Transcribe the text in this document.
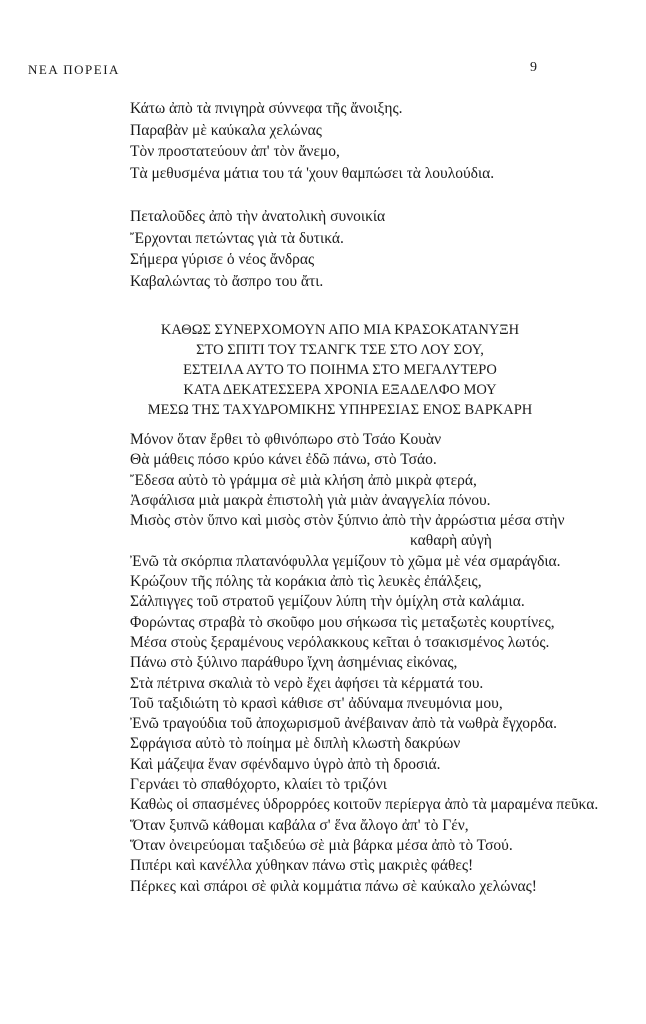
ΝΕΑ ΠΟΡΕΙΑ	9
Κάτω ἀπὸ τὰ πνιγηρὰ σύννεφα τῆς ἄνοιξης.
Παραβὰν μὲ καύκαλα χελώνας
Τὸν προστατεύουν ἀπ' τὸν ἄνεμο,
Τὰ μεθυσμένα μάτια του τά 'χουν θαμπώσει τὰ λουλούδια.
Πεταλοῦδες ἀπὸ τὴν ἀνατολικὴ συνοικία
Ἔρχονται πετώντας γιὰ τὰ δυτικά.
Σήμερα γύρισε ὁ νέος ἄνδρας
Καβαλώντας τὸ ἄσπρο του ἄτι.
ΚΑΘΩΣ ΣΥΝΕΡΧΟΜΟΥΝ ΑΠΟ ΜΙΑ ΚΡΑΣΟΚΑΤΑΝΥΞΗ
ΣΤΟ ΣΠΙΤΙ ΤΟΥ ΤΣΑΝΓΚ ΤΣΕ ΣΤΟ ΛΟΥ ΣΟΥ,
ΕΣΤΕΙΛΑ ΑΥΤΟ ΤΟ ΠΟΙΗΜΑ ΣΤΟ ΜΕΓΑΛΥΤΕΡΟ
ΚΑΤΑ ΔΕΚΑΤΕΣΣΕΡΑ ΧΡΟΝΙΑ ΕΞΑΔΕΛΦΟ ΜΟΥ
ΜΕΣΩ ΤΗΣ ΤΑΧΥΔΡΟΜΙΚΗΣ ΥΠΗΡΕΣΙΑΣ ΕΝΟΣ ΒΑΡΚΑΡΗ
Μόνον ὅταν ἔρθει τὸ φθινόπωρο στὸ Τσάο Κουὰν
Θὰ μάθεις πόσο κρύο κάνει ἐδῶ πάνω, στὸ Τσάο.
Ἔδεσα αὐτὸ τὸ γράμμα σὲ μιὰ κλήση ἀπὸ μικρὰ φτερά,
Ἀσφάλισα μιὰ μακρὰ ἐπιστολὴ γιὰ μιὰν ἀναγγελία πόνου.
Μισὸς στὸν ὕπνο καὶ μισὸς στὸν ξύπνιο ἀπὸ τὴν ἀρρώστια μέσα στὴν
καθαρὴ αὐγὴ
Ἐνῶ τὰ σκόρπια πλατανόφυλλα γεμίζουν τὸ χῶμα μὲ νέα σμαράγδια.
Κρώζουν τῆς πόλης τὰ κοράκια ἀπὸ τὶς λευκὲς ἐπάλξεις,
Σάλπιγγες τοῦ στρατοῦ γεμίζουν λύπη τὴν ὁμίχλη στὰ καλάμια.
Φορώντας στραβὰ τὸ σκοῦφο μου σήκωσα τὶς μεταξωτὲς κουρτίνες,
Μέσα στοὺς ξεραμένους νερόλακκους κεῖται ὁ τσακισμένος λωτός.
Πάνω στὸ ξύλινο παράθυρο ἴχνη ἀσημένιας εἰκόνας,
Στὰ πέτρινα σκαλιὰ τὸ νερὸ ἔχει ἀφήσει τὰ κέρματά του.
Τοῦ ταξιδιώτη τὸ κρασὶ κάθισε στ' ἀδύναμα πνευμόνια μου,
Ἐνῶ τραγούδια τοῦ ἀποχωρισμοῦ ἀνέβαιναν ἀπὸ τὰ νωθρὰ ἔγχορδα.
Σφράγισα αὐτὸ τὸ ποίημα μὲ διπλὴ κλωστὴ δακρύων
Καὶ μάζεψα ἕναν σφένδαμνο ὑγρὸ ἀπὸ τὴ δροσιά.
Γερνάει τὸ σπαθόχορτο, κλαίει τὸ τριζόνι
Καθὼς οἱ σπασμένες ὑδρορρόες κοιτοῦν περίεργα ἀπὸ τὰ μαραμένα πεῦκα.
Ὅταν ξυπνῶ κάθομαι καβάλα σ' ἕνα ἄλογο ἀπ' τὸ Γέν,
Ὅταν ὀνειρεύομαι ταξιδεύω σὲ μιὰ βάρκα μέσα ἀπὸ τὸ Τσού.
Πιπέρι καὶ κανέλλα χύθηκαν πάνω στὶς μακριὲς φάθες!
Πέρκες καὶ σπάροι σὲ φιλὰ κομμάτια πάνω σὲ καύκαλο χελώνας!
